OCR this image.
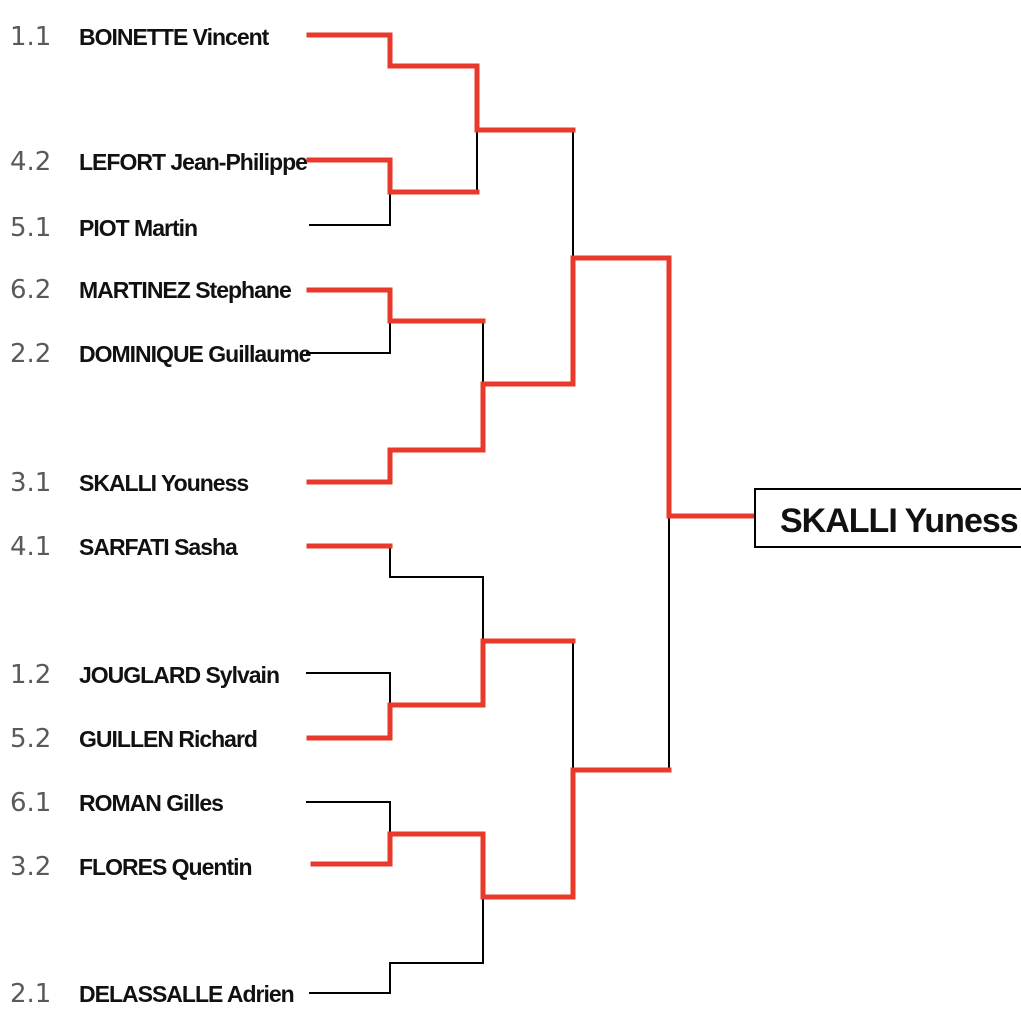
1.1 BOINETTE Vincent
4.2 LEFORT Jean-Philippe
5.1 PIOT Martin
6.2 MARTINEZ Stephane
2.2 DOMINIQUE Guillaume
3.1 SKALLI Youness
4.1 SARFATI Sasha
1.2 JOUGLARD Sylvain
5.2 GUILLEN Richard
6.1 ROMAN Gilles
3.2 FLORES Quentin
2.1 DELASSALLE Adrien
SKALLI Yuness
